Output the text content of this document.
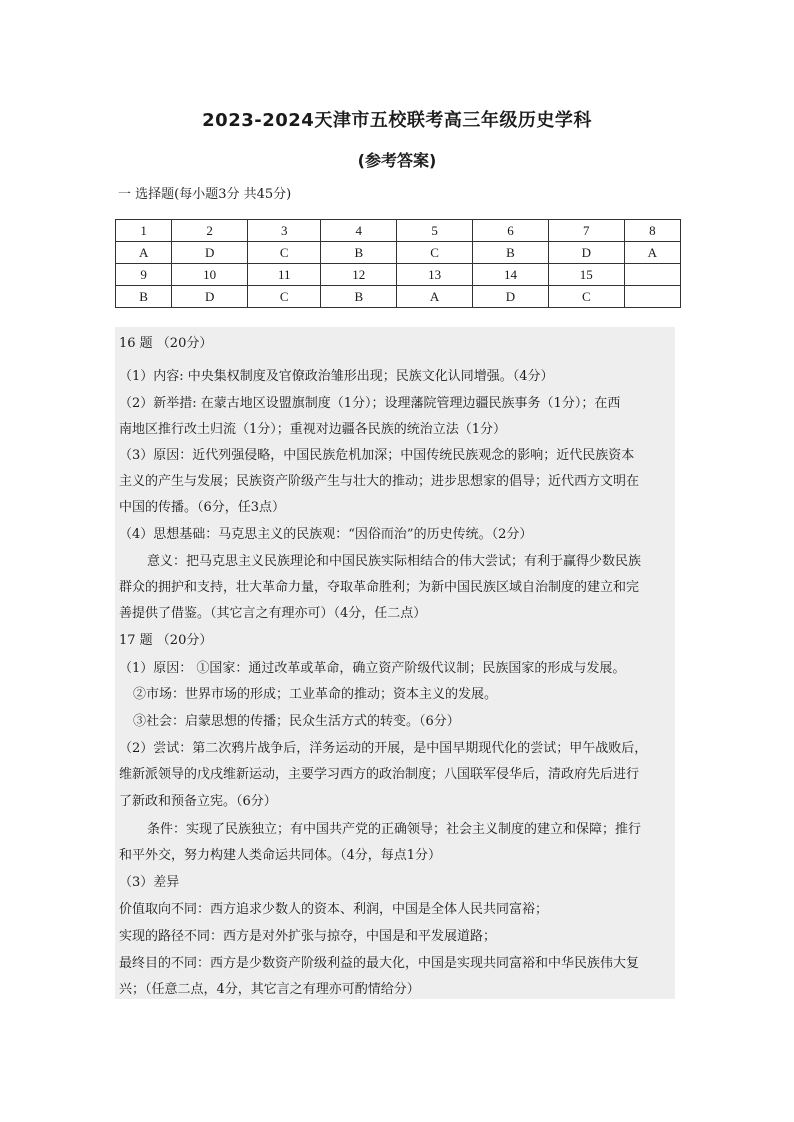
2023-2024天津市五校联考高三年级历史学科
(参考答案)
一 选择题(每小题3分 共45分)
1	2	3	4	5	6	7	8
A	D	C	B	C	B	D	A
9	10	11	12	13	14	15	
B	D	C	B	A	D	C	
16 题 （20分）
（1）内容: 中央集权制度及官僚政治雏形出现；民族文化认同增强。（4分）
（2）新举措: 在蒙古地区设盟旗制度（1分）；设理藩院管理边疆民族事务（1分）；在西
南地区推行改土归流（1分）；重视对边疆各民族的统治立法（1分）
（3）原因：近代列强侵略，中国民族危机加深；中国传统民族观念的影响；近代民族资本
主义的产生与发展；民族资产阶级产生与壮大的推动；进步思想家的倡导；近代西方文明在
中国的传播。（6分，任3点）
（4）思想基础：马克思主义的民族观：“因俗而治”的历史传统。（2分）
意义：把马克思主义民族理论和中国民族实际相结合的伟大尝试；有利于赢得少数民族
群众的拥护和支持，壮大革命力量，夺取革命胜利；为新中国民族区域自治制度的建立和完
善提供了借鉴。（其它言之有理亦可）（4分，任二点）
17 题 （20分）
（1）原因： ①国家：通过改革或革命，确立资产阶级代议制；民族国家的形成与发展。
②市场：世界市场的形成；工业革命的推动；资本主义的发展。
③社会：启蒙思想的传播；民众生活方式的转变。（6分）
（2）尝试：第二次鸦片战争后，洋务运动的开展，是中国早期现代化的尝试；甲午战败后，
维新派领导的戊戌维新运动，主要学习西方的政治制度；八国联军侵华后，清政府先后进行
了新政和预备立宪。（6分）
条件：实现了民族独立；有中国共产党的正确领导；社会主义制度的建立和保障；推行
和平外交，努力构建人类命运共同体。（4分，每点1分）
（3）差异
价值取向不同：西方追求少数人的资本、利润，中国是全体人民共同富裕；
实现的路径不同：西方是对外扩张与掠夺，中国是和平发展道路；
最终目的不同：西方是少数资产阶级利益的最大化，中国是实现共同富裕和中华民族伟大复
兴；（任意二点，4分，其它言之有理亦可酌情给分）
